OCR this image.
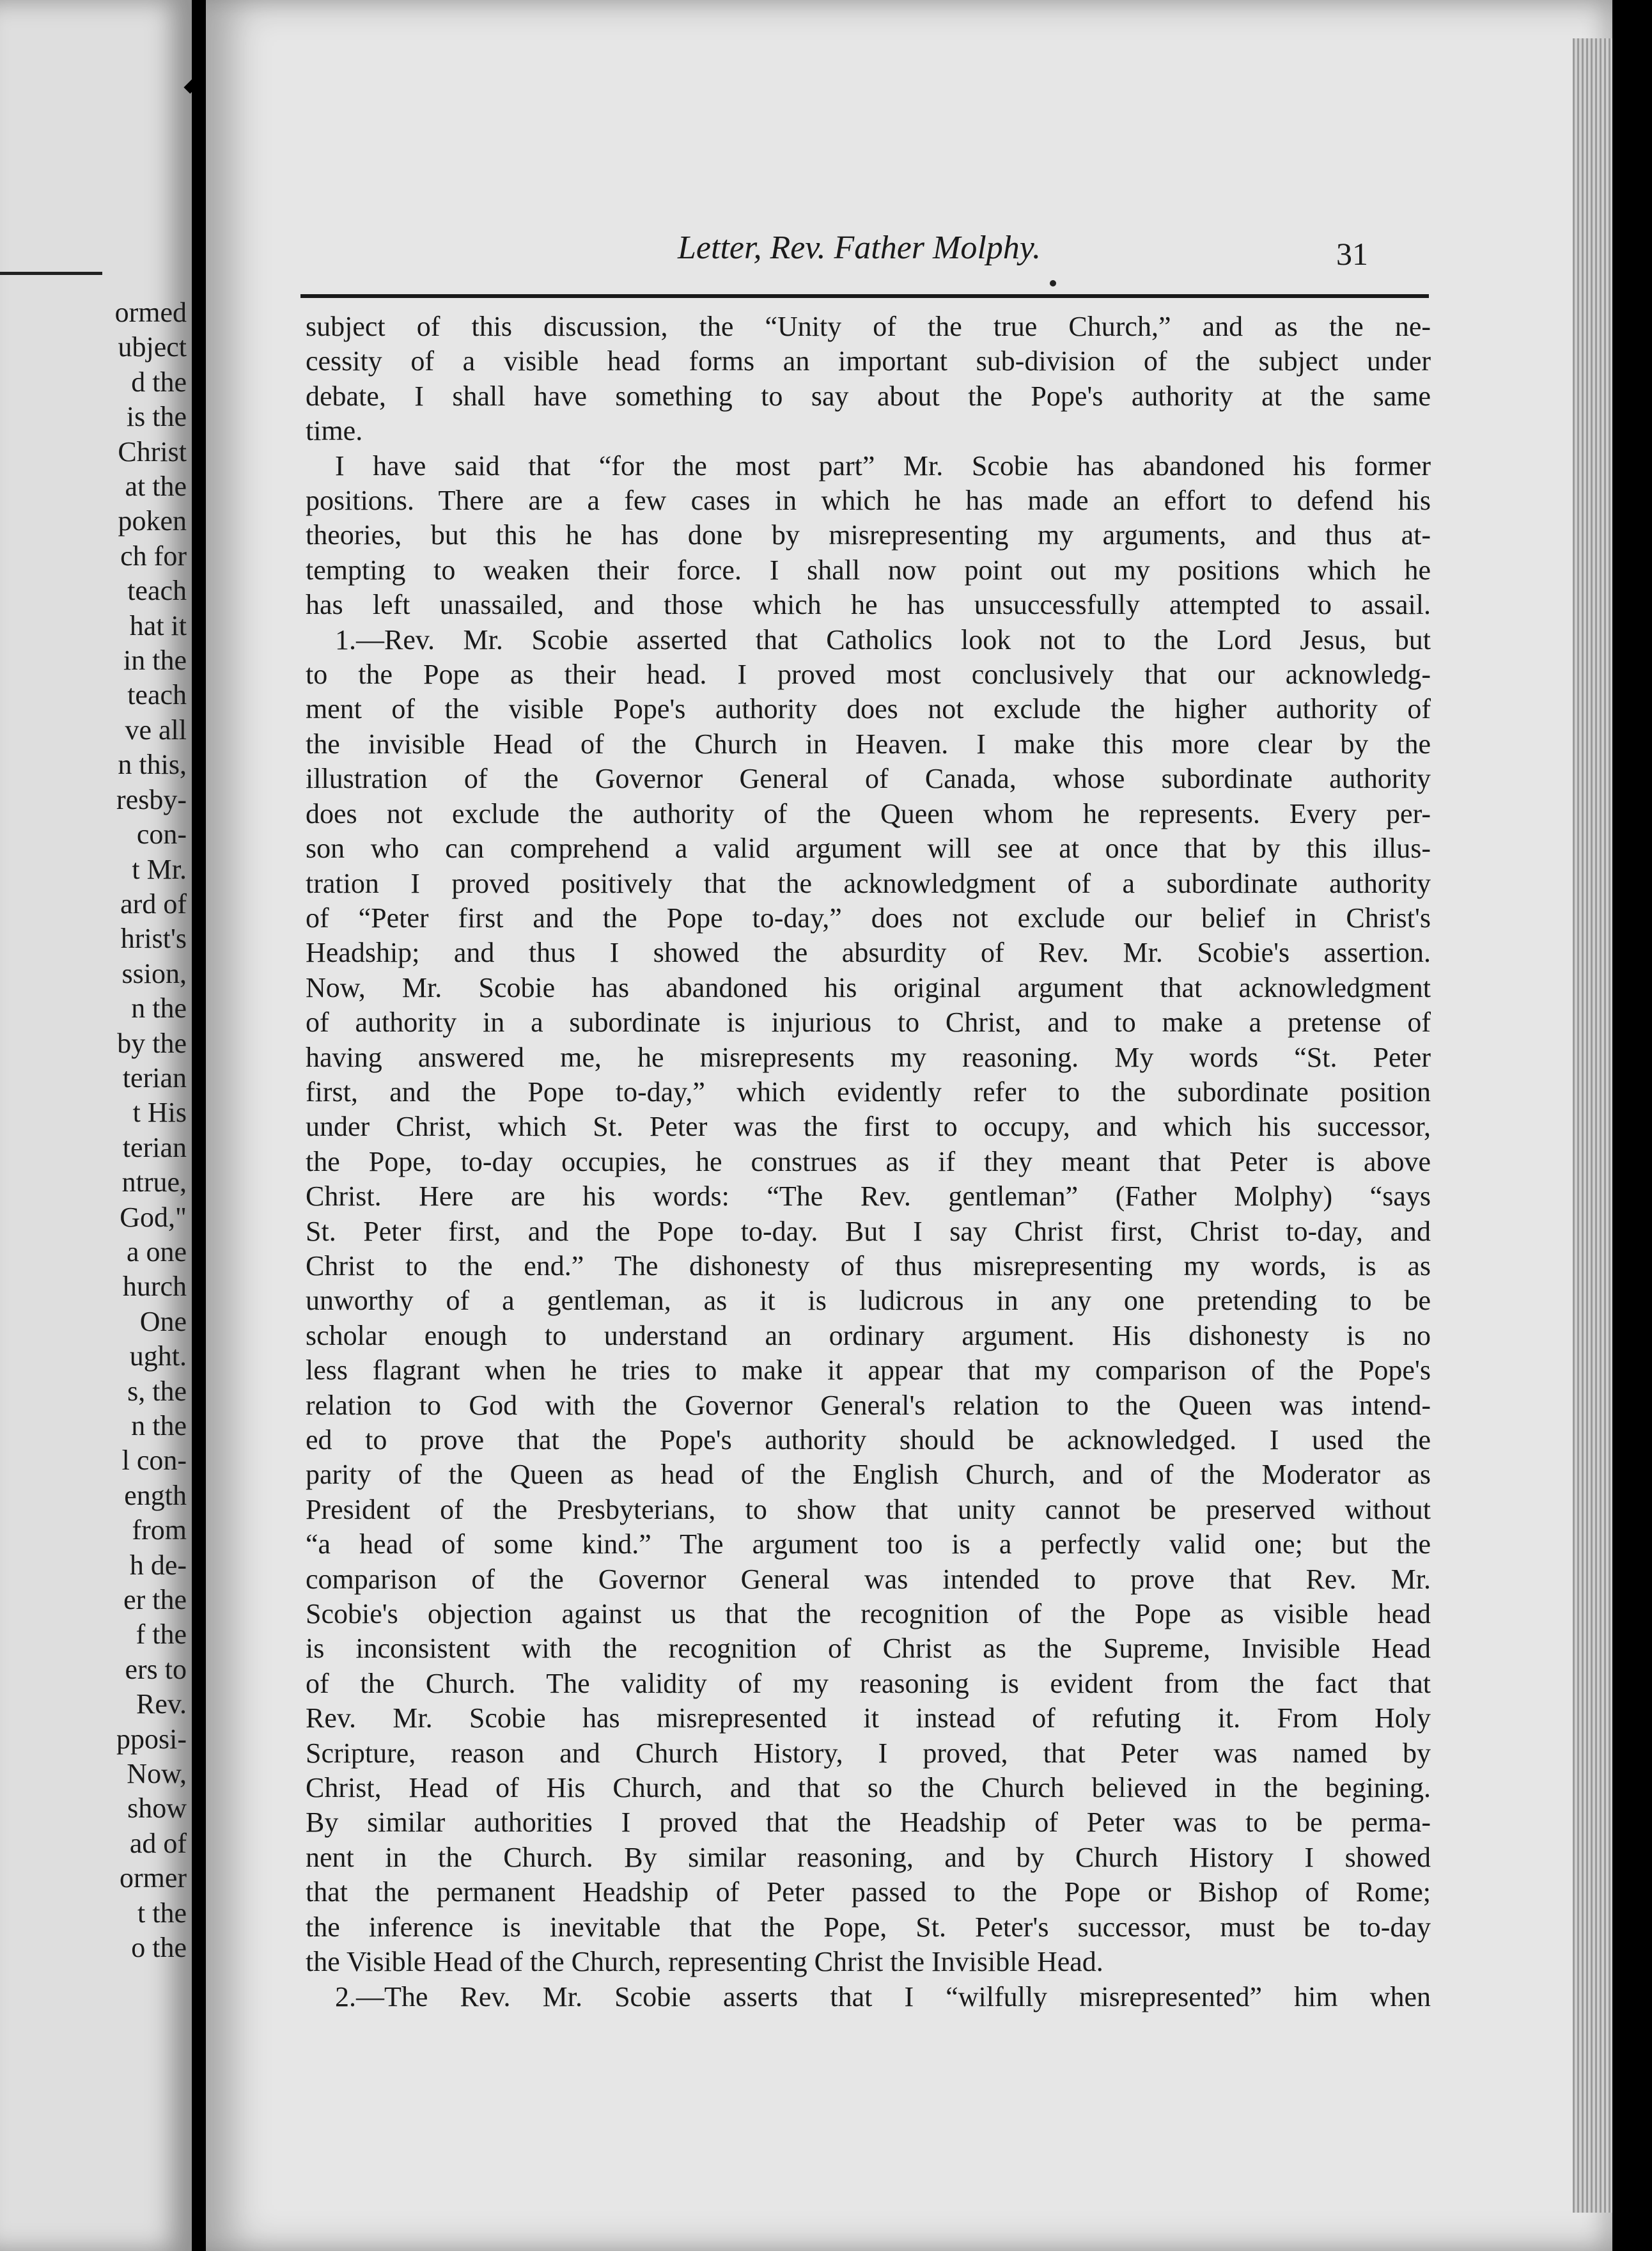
ormed
ubject
d the
is the
Christ
at the
poken
ch for
teach
hat it
in the
teach
ve all
n this,
resby-
con-
t Mr.
ard of
hrist's
ssion,
n the
by the
terian
t His
terian
ntrue,
God,"
a one
hurch
One
ught.
s, the
n the
l con-
ength
from
h de-
er the
f the
ers to
Rev.
pposi-
Now,
show
ad of
ormer
t the
o the
Letter, Rev. Father Molphy.	31
subject of this discussion, the “Unity of the true Church,” and as the ne-
cessity of a visible head forms an important sub-division of the subject under
debate, I shall have something to say about the Pope's authority at the same
time.
I have said that “for the most part” Mr. Scobie has abandoned his former
positions. There are a few cases in which he has made an effort to defend his
theories, but this he has done by misrepresenting my arguments, and thus at-
tempting to weaken their force. I shall now point out my positions which he
has left unassailed, and those which he has unsuccessfully attempted to assail.
1.—Rev. Mr. Scobie asserted that Catholics look not to the Lord Jesus, but
to the Pope as their head. I proved most conclusively that our acknowledg-
ment of the visible Pope's authority does not exclude the higher authority of
the invisible Head of the Church in Heaven. I make this more clear by the
illustration of the Governor General of Canada, whose subordinate authority
does not exclude the authority of the Queen whom he represents. Every per-
son who can comprehend a valid argument will see at once that by this illus-
tration I proved positively that the acknowledgment of a subordinate authority
of “Peter first and the Pope to-day,” does not exclude our belief in Christ's
Headship; and thus I showed the absurdity of Rev. Mr. Scobie's assertion.
Now, Mr. Scobie has abandoned his original argument that acknowledgment
of authority in a subordinate is injurious to Christ, and to make a pretense of
having answered me, he misrepresents my reasoning. My words “St. Peter
first, and the Pope to-day,” which evidently refer to the subordinate position
under Christ, which St. Peter was the first to occupy, and which his successor,
the Pope, to-day occupies, he construes as if they meant that Peter is above
Christ. Here are his words: “The Rev. gentleman” (Father Molphy) “says
St. Peter first, and the Pope to-day. But I say Christ first, Christ to-day, and
Christ to the end.” The dishonesty of thus misrepresenting my words, is as
unworthy of a gentleman, as it is ludicrous in any one pretending to be
scholar enough to understand an ordinary argument. His dishonesty is no
less flagrant when he tries to make it appear that my comparison of the Pope's
relation to God with the Governor General's relation to the Queen was intend-
ed to prove that the Pope's authority should be acknowledged. I used the
parity of the Queen as head of the English Church, and of the Moderator as
President of the Presbyterians, to show that unity cannot be preserved without
“a head of some kind.” The argument too is a perfectly valid one; but the
comparison of the Governor General was intended to prove that Rev. Mr.
Scobie's objection against us that the recognition of the Pope as visible head
is inconsistent with the recognition of Christ as the Supreme, Invisible Head
of the Church. The validity of my reasoning is evident from the fact that
Rev. Mr. Scobie has misrepresented it instead of refuting it. From Holy
Scripture, reason and Church History, I proved, that Peter was named by
Christ, Head of His Church, and that so the Church believed in the begining.
By similar authorities I proved that the Headship of Peter was to be perma-
nent in the Church. By similar reasoning, and by Church History I showed
that the permanent Headship of Peter passed to the Pope or Bishop of Rome;
the inference is inevitable that the Pope, St. Peter's successor, must be to-day
the Visible Head of the Church, representing Christ the Invisible Head.
2.—The Rev. Mr. Scobie asserts that I “wilfully misrepresented” him when
